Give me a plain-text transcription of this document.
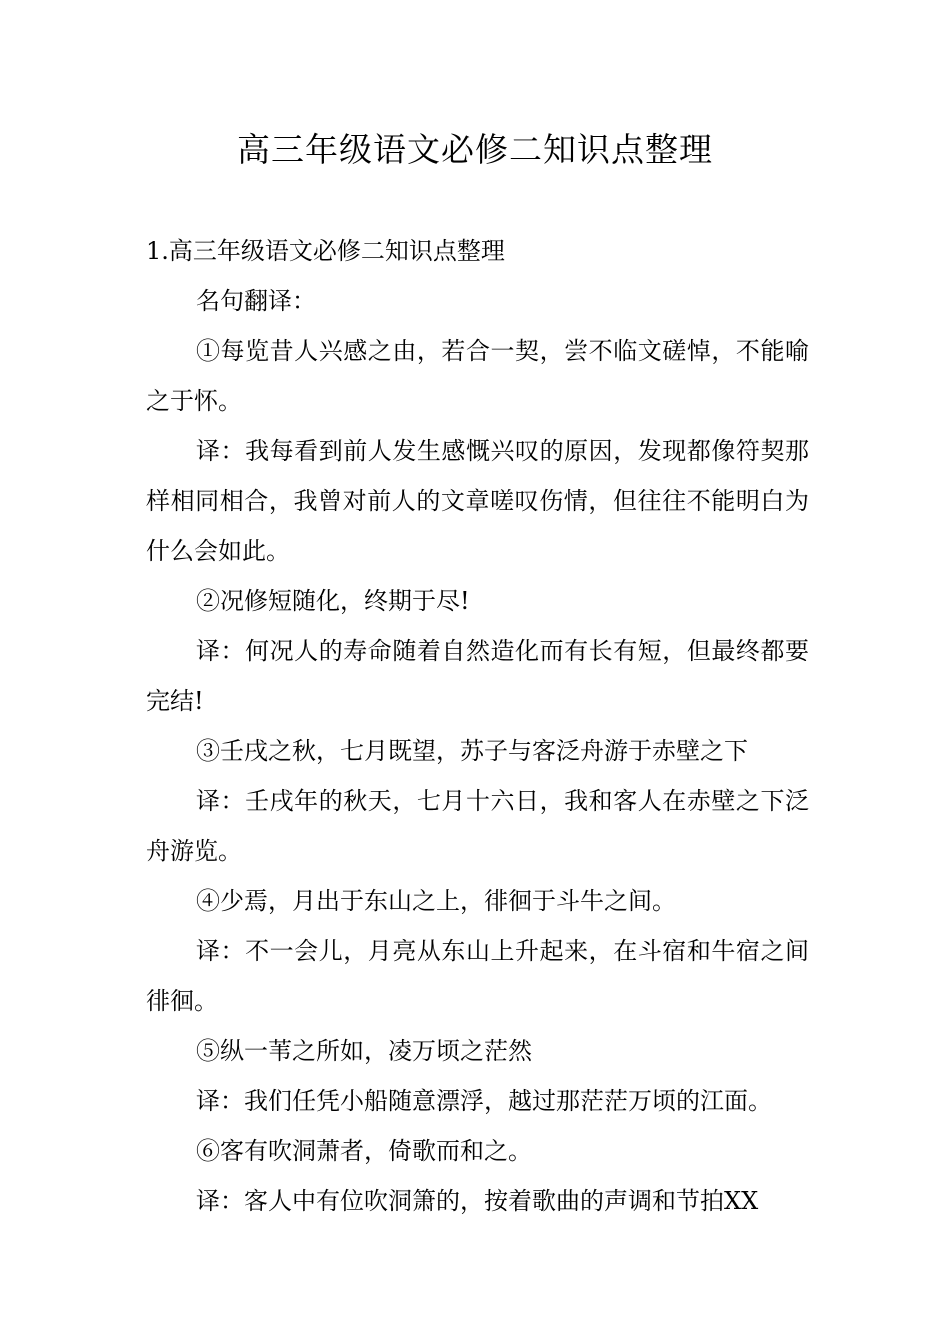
高三年级语文必修二知识点整理

1.高三年级语文必修二知识点整理

名句翻译：

①每览昔人兴感之由，若合一契，尝不临文磋悼，不能喻之于怀。

译：我每看到前人发生感慨兴叹的原因，发现都像符契那样相同相合，我曾对前人的文章嗟叹伤情，但往往不能明白为什么会如此。

②况修短随化，终期于尽!

译：何况人的寿命随着自然造化而有长有短，但最终都要完结!

③壬戌之秋，七月既望，苏子与客泛舟游于赤壁之下

译：壬戌年的秋天，七月十六日，我和客人在赤壁之下泛舟游览。

④少焉，月出于东山之上，徘徊于斗牛之间。

译：不一会儿，月亮从东山上升起来，在斗宿和牛宿之间徘徊。

⑤纵一苇之所如，凌万顷之茫然

译：我们任凭小船随意漂浮，越过那茫茫万顷的江面。

⑥客有吹洞萧者，倚歌而和之。

译：客人中有位吹洞箫的，按着歌曲的声调和节拍XX
